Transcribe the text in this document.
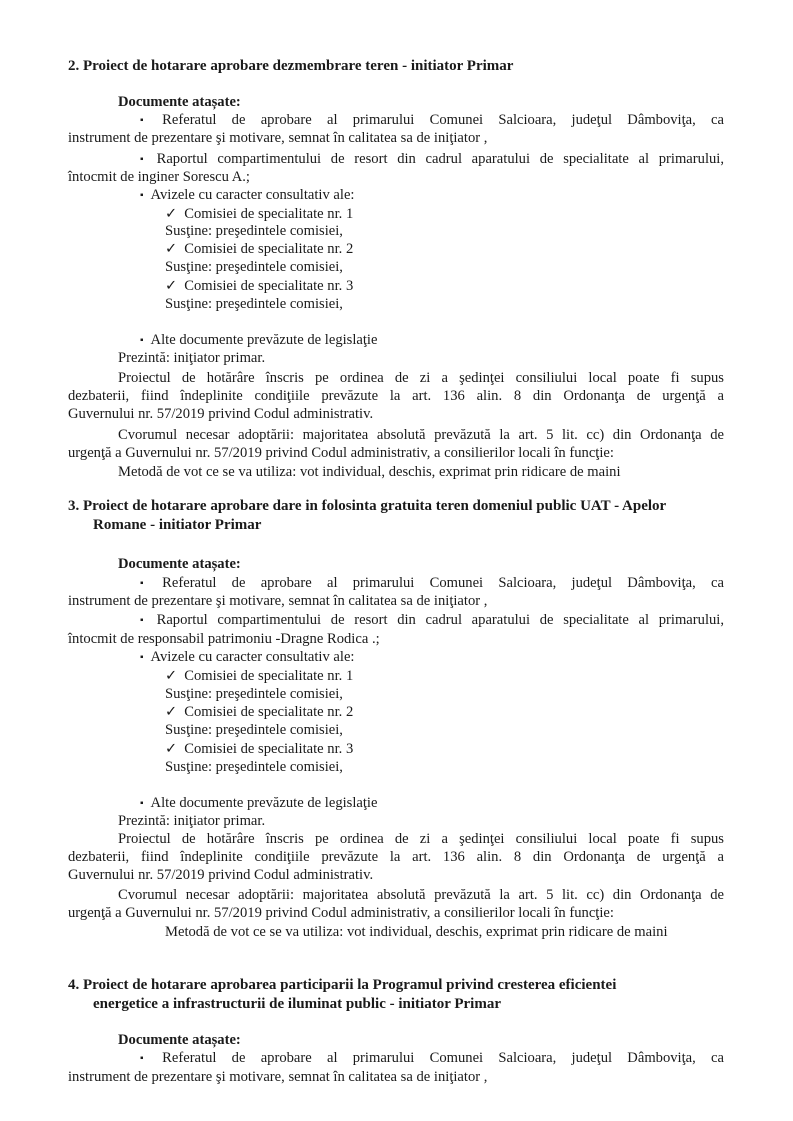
2. Proiect de hotarare aprobare dezmembrare teren - initiator Primar
Documente atașate:
▪ Referatul de aprobare al primarului Comunei Salcioara, judeţul Dâmboviţa, ca
instrument de prezentare şi motivare, semnat în calitatea sa de iniţiator ,
▪ Raportul compartimentului de resort din cadrul aparatului de specialitate al primarului,
întocmit de inginer Sorescu A.;
▪ Avizele cu caracter consultativ ale:
✓ Comisiei de specialitate nr. 1
Susţine: preşedintele comisiei,
✓ Comisiei de specialitate nr. 2
Susţine: preşedintele comisiei,
✓ Comisiei de specialitate nr. 3
Susţine: preşedintele comisiei,
▪ Alte documente prevăzute de legislaţie
Prezintă: iniţiator primar.
Proiectul de hotărâre înscris pe ordinea de zi a şedinţei consiliului local poate fi supus
dezbaterii, fiind îndeplinite condiţiile prevăzute la art. 136 alin. 8 din Ordonanţa de urgenţă a
Guvernului nr. 57/2019 privind Codul administrativ.
Cvorumul necesar adoptării: majoritatea absolută prevăzută la art. 5 lit. cc) din Ordonanţa de
urgenţă a Guvernului nr. 57/2019 privind Codul administrativ, a consilierilor locali în funcţie:
Metodă de vot ce se va utiliza: vot individual, deschis, exprimat prin ridicare de maini
3. Proiect de hotarare aprobare dare in folosinta gratuita teren domeniul public UAT - Apelor
Romane - initiator Primar
Documente atașate:
▪ Referatul de aprobare al primarului Comunei Salcioara, judeţul Dâmboviţa, ca
instrument de prezentare şi motivare, semnat în calitatea sa de iniţiator ,
▪ Raportul compartimentului de resort din cadrul aparatului de specialitate al primarului,
întocmit de responsabil patrimoniu -Dragne Rodica .;
▪ Avizele cu caracter consultativ ale:
✓ Comisiei de specialitate nr. 1
Susţine: preşedintele comisiei,
✓ Comisiei de specialitate nr. 2
Susţine: preşedintele comisiei,
✓ Comisiei de specialitate nr. 3
Susţine: preşedintele comisiei,
▪ Alte documente prevăzute de legislaţie
Prezintă: iniţiator primar.
Proiectul de hotărâre înscris pe ordinea de zi a şedinţei consiliului local poate fi supus
dezbaterii, fiind îndeplinite condiţiile prevăzute la art. 136 alin. 8 din Ordonanţa de urgenţă a
Guvernului nr. 57/2019 privind Codul administrativ.
Cvorumul necesar adoptării: majoritatea absolută prevăzută la art. 5 lit. cc) din Ordonanţa de
urgenţă a Guvernului nr. 57/2019 privind Codul administrativ, a consilierilor locali în funcţie:
Metodă de vot ce se va utiliza: vot individual, deschis, exprimat prin ridicare de maini
4. Proiect de hotarare aprobarea participarii la Programul privind cresterea eficientei
energetice a infrastructurii de iluminat public - initiator Primar
Documente atașate:
▪ Referatul de aprobare al primarului Comunei Salcioara, judeţul Dâmboviţa, ca
instrument de prezentare şi motivare, semnat în calitatea sa de iniţiator ,
